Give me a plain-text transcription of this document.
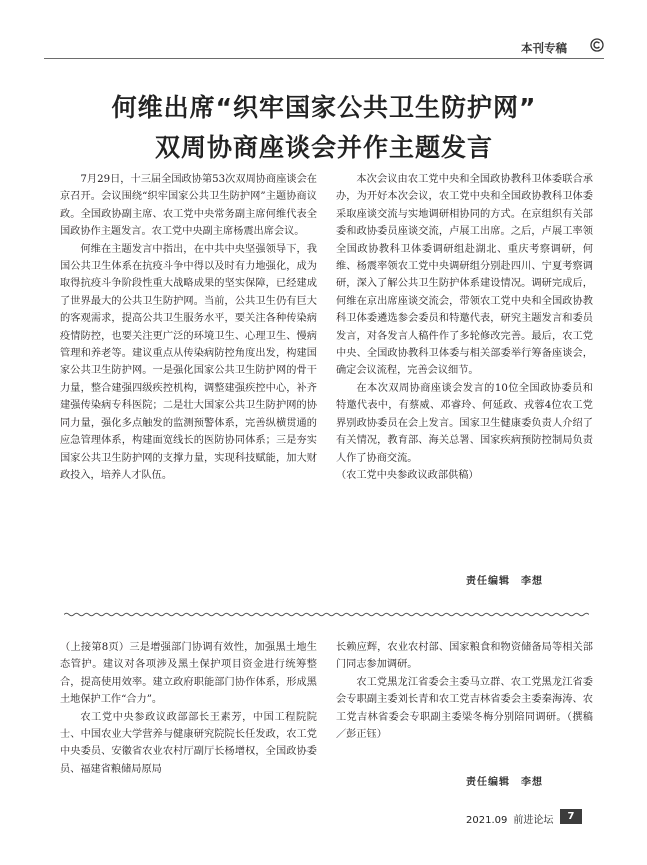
本刊专稿
何维出席“织牢国家公共卫生防护网”
双周协商座谈会并作主题发言

7月29日，十三届全国政协第53次双周协商座谈会在京召开。会议围绕“织牢国家公共卫生防护网”主题协商议政。全国政协副主席、农工党中央常务副主席何维代表全国政协作主题发言。农工党中央副主席杨震出席会议。

何维在主题发言中指出，在中共中央坚强领导下，我国公共卫生体系在抗疫斗争中得以及时有力地强化，成为取得抗疫斗争阶段性重大战略成果的坚实保障，已经建成了世界最大的公共卫生防护网。当前，公共卫生仍有巨大的客观需求，提高公共卫生服务水平，要关注各种传染病疫情防控，也要关注更广泛的环境卫生、心理卫生、慢病管理和养老等。建议重点从传染病防控角度出发，构建国家公共卫生防护网。一是强化国家公共卫生防护网的骨干力量，整合建强四级疾控机构，调整建强疾控中心，补齐建强传染病专科医院；二是壮大国家公共卫生防护网的协同力量，强化多点触发的监测预警体系，完善纵横贯通的应急管理体系，构建面宽线长的医防协同体系；三是夯实国家公共卫生防护网的支撑力量，实现科技赋能，加大财政投入，培养人才队伍。

本次会议由农工党中央和全国政协教科卫体委联合承办，为开好本次会议，农工党中央和全国政协教科卫体委采取座谈交流与实地调研相协同的方式。在京组织有关部委和政协委员座谈交流，卢展工出席。之后，卢展工率领全国政协教科卫体委调研组赴湖北、重庆考察调研，何维、杨震率领农工党中央调研组分别赴四川、宁夏考察调研，深入了解公共卫生防护体系建设情况。调研完成后，何维在京出席座谈交流会，带领农工党中央和全国政协教科卫体委遴选参会委员和特邀代表，研究主题发言和委员发言，对各发言人稿件作了多轮修改完善。最后，农工党中央、全国政协教科卫体委与相关部委举行筹备座谈会，确定会议流程，完善会议细节。

在本次双周协商座谈会发言的10位全国政协委员和特邀代表中，有蔡威、邓睿玲、何延政、戎蓉4位农工党界别政协委员在会上发言。国家卫生健康委负责人介绍了有关情况，教育部、海关总署、国家疾病预防控制局负责人作了协商交流。

（农工党中央参政议政部供稿）

责任编辑　李想

（上接第8页）三是增强部门协调有效性，加强黑土地生态管护。建议对各项涉及黑土保护项目资金进行统筹整合，提高使用效率。建立政府职能部门协作体系，形成黑土地保护工作“合力”。

农工党中央参政议政部部长王素芳，中国工程院院士、中国农业大学营养与健康研究院院长任发政，农工党中央委员、安徽省农业农村厅副厅长杨增权，全国政协委员、福建省粮储局原局

长赖应辉，农业农村部、国家粮食和物资储备局等相关部门同志参加调研。

农工党黑龙江省委会主委马立群、农工党黑龙江省委会专职副主委刘长青和农工党吉林省委会主委秦海涛、农工党吉林省委会专职副主委梁冬梅分别陪同调研。（撰稿／彭正钰）

责任编辑　李想
2021.09 前进论坛	7
